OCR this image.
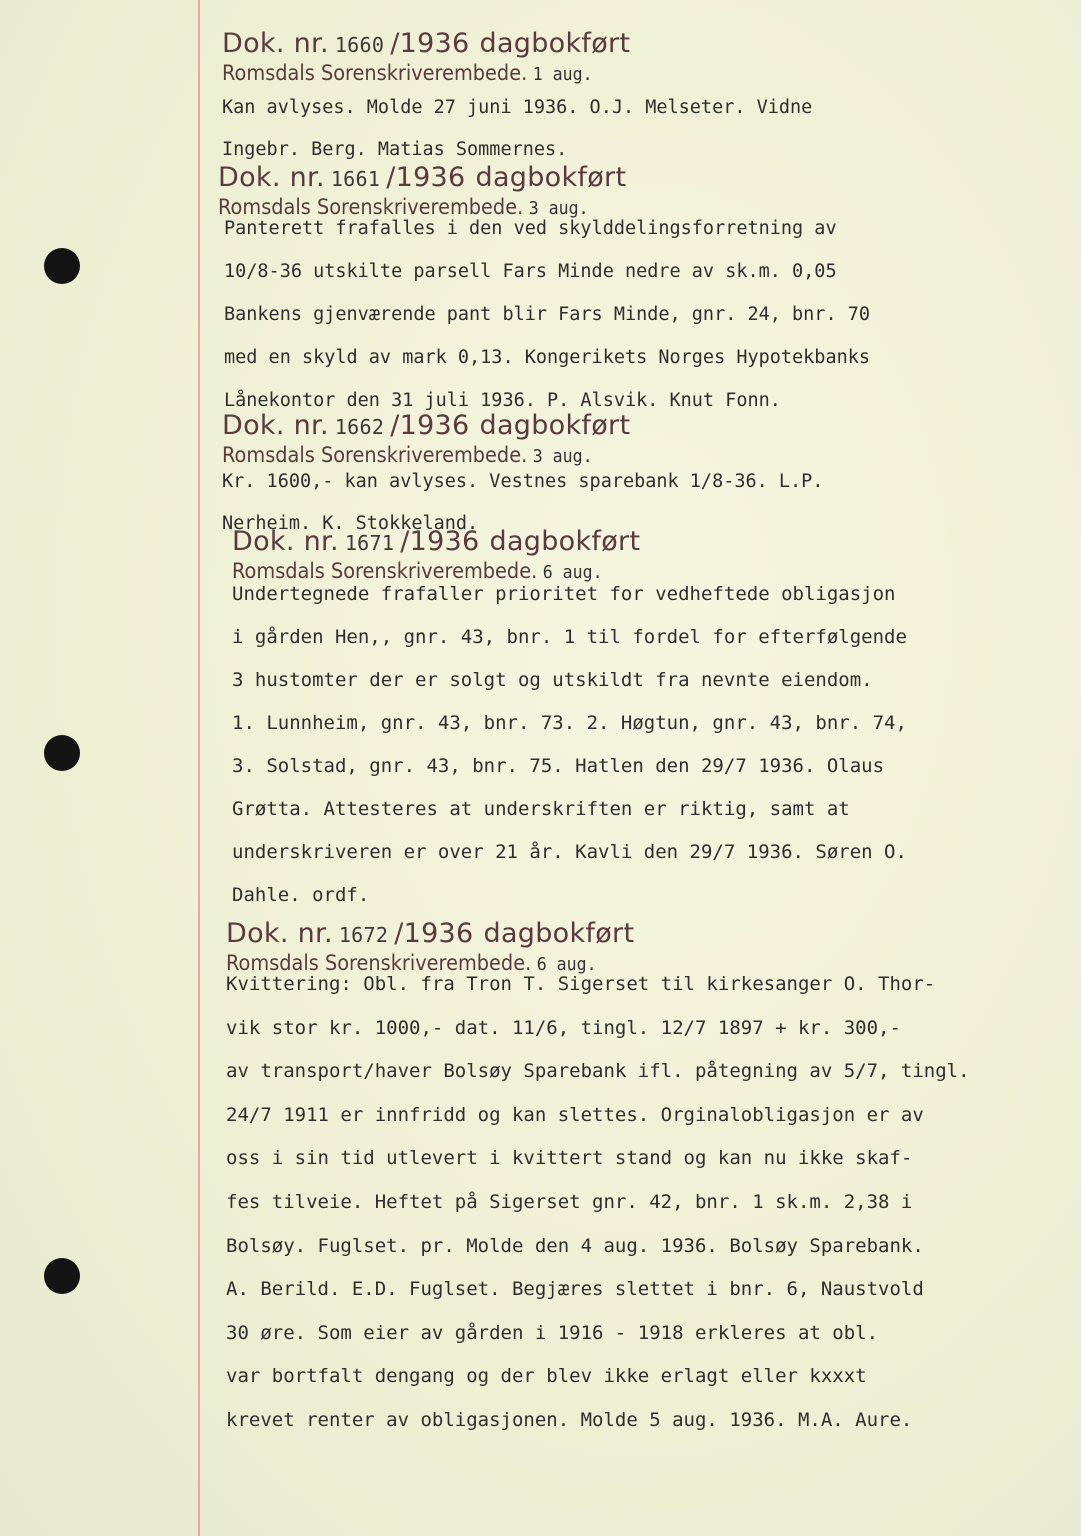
Dok. nr. 1660 /1936 dagbokført
Romsdals Sorenskriverembede. 1 aug.
Kan avlyses. Molde 27 juni 1936. O.J. Melseter. Vidne
Ingebr. Berg. Matias Sommernes.
Dok. nr. 1661 /1936 dagbokført
Romsdals Sorenskriverembede. 3 aug.
Panterett frafalles i den ved skylddelingsforretning av
10/8-36 utskilte parsell Fars Minde nedre av sk.m. 0,05
Bankens gjenværende pant blir Fars Minde, gnr. 24, bnr. 70
med en skyld av mark 0,13. Kongerikets Norges Hypotekbanks
Lånekontor den 31 juli 1936. P. Alsvik. Knut Fonn.
Dok. nr. 1662 /1936 dagbokført
Romsdals Sorenskriverembede. 3 aug.
Kr. 1600,- kan avlyses. Vestnes sparebank 1/8-36. L.P.
Nerheim. K. Stokkeland.
Dok. nr. 1671 /1936 dagbokført
Romsdals Sorenskriverembede. 6 aug.
Undertegnede frafaller prioritet for vedheftede obligasjon
i gården Hen,, gnr. 43, bnr. 1 til fordel for efterfølgende
3 hustomter der er solgt og utskildt fra nevnte eiendom.
1. Lunnheim, gnr. 43, bnr. 73. 2. Høgtun, gnr. 43, bnr. 74,
3. Solstad, gnr. 43, bnr. 75. Hatlen den 29/7 1936. Olaus
Grøtta. Attesteres at underskriften er riktig, samt at
underskriveren er over 21 år. Kavli den 29/7 1936. Søren O.
Dahle. ordf.
Dok. nr. 1672 /1936 dagbokført
Romsdals Sorenskriverembede. 6 aug.
Kvittering: Obl. fra Tron T. Sigerset til kirkesanger O. Thor-
vik stor kr. 1000,- dat. 11/6, tingl. 12/7 1897 + kr. 300,-
av transport/haver Bolsøy Sparebank ifl. påtegning av 5/7, tingl.
24/7 1911 er innfridd og kan slettes. Orginalobligasjon er av
oss i sin tid utlevert i kvittert stand og kan nu ikke skaf-
fes tilveie. Heftet på Sigerset gnr. 42, bnr. 1 sk.m. 2,38 i
Bolsøy. Fuglset. pr. Molde den 4 aug. 1936. Bolsøy Sparebank.
A. Berild. E.D. Fuglset. Begjæres slettet i bnr. 6, Naustvold
30 øre. Som eier av gården i 1916 - 1918 erkleres at obl.
var bortfalt dengang og der blev ikke erlagt eller kxxxt
krevet renter av obligasjonen. Molde 5 aug. 1936. M.A. Aure.
